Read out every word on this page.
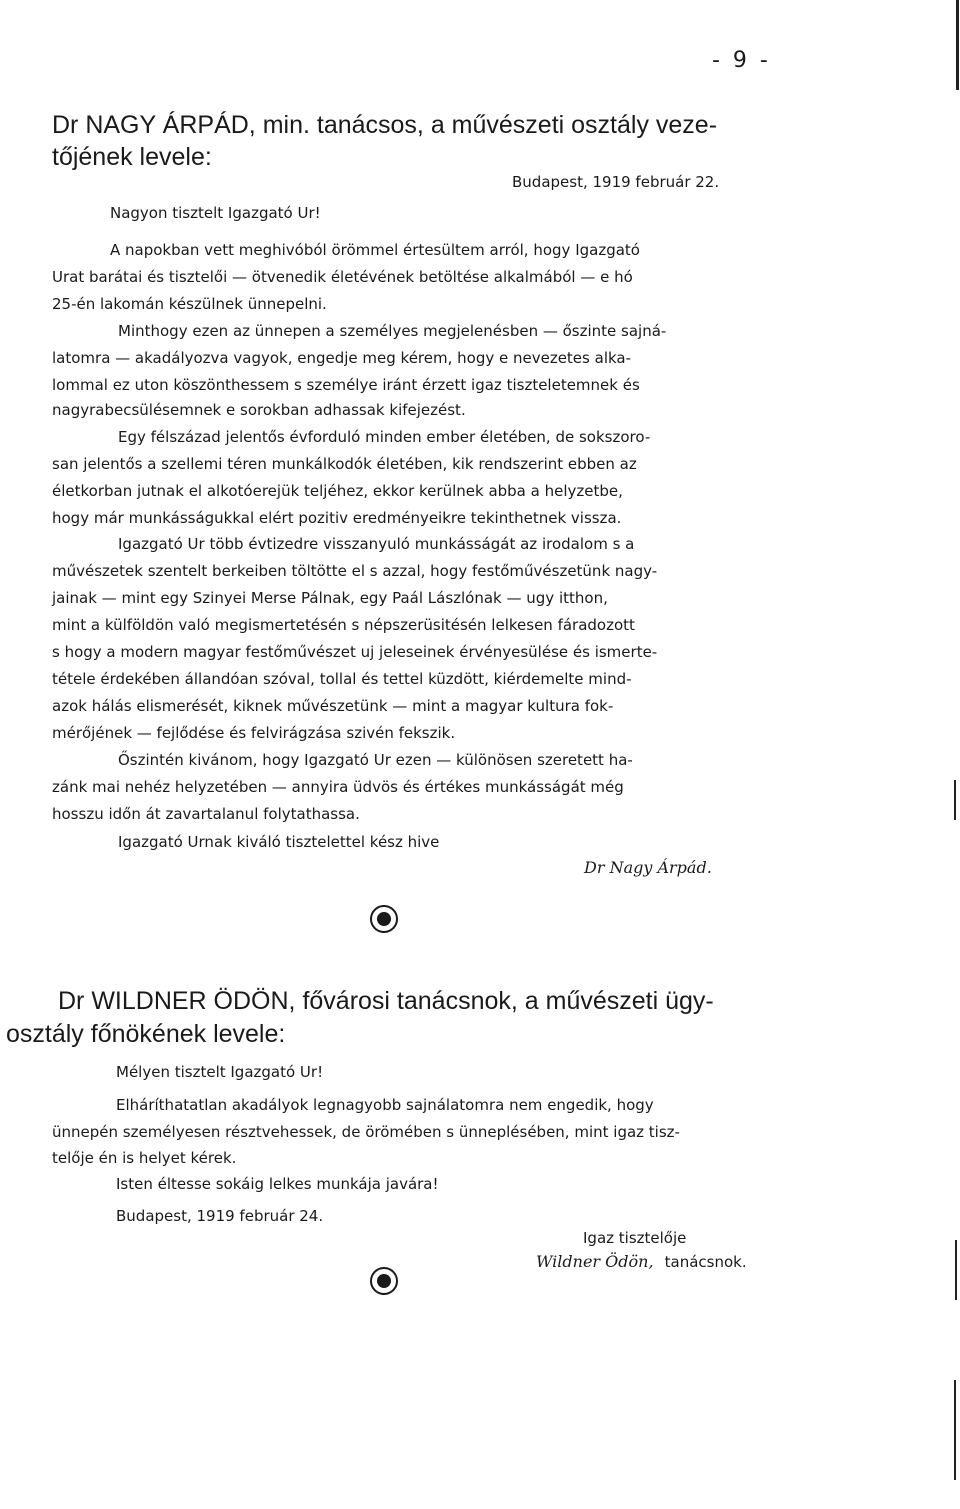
- 9 -
Dr NAGY ÁRPÁD, min. tanácsos, a művészeti osztály veze-
tőjének levele:
Budapest, 1919 február 22.
Nagyon tisztelt Igazgató Ur!
A napokban vett meghivóból örömmel értesültem arról, hogy Igazgató
Urat barátai és tisztelői — ötvenedik életévének betöltése alkalmából — e hó
25-én lakomán készülnek ünnepelni.
Minthogy ezen az ünnepen a személyes megjelenésben — őszinte sajná-
latomra — akadályozva vagyok, engedje meg kérem, hogy e nevezetes alka-
lommal ez uton köszönthessem s személye iránt érzett igaz tiszteletemnek és
nagyrabecsülésemnek e sorokban adhassak kifejezést.
Egy félszázad jelentős évforduló minden ember életében, de sokszoro-
san jelentős a szellemi téren munkálkodók életében, kik rendszerint ebben az
életkorban jutnak el alkotóerejük teljéhez, ekkor kerülnek abba a helyzetbe,
hogy már munkásságukkal elért pozitiv eredményeikre tekinthetnek vissza.
Igazgató Ur több évtizedre visszanyuló munkásságát az irodalom s a
művészetek szentelt berkeiben töltötte el s azzal, hogy festőművészetünk nagy-
jainak — mint egy Szinyei Merse Pálnak, egy Paál Lászlónak — ugy itthon,
mint a külföldön való megismertetésén s népszerüsitésén lelkesen fáradozott
s hogy a modern magyar festőművészet uj jeleseinek érvényesülése és ismerte-
tétele érdekében állandóan szóval, tollal és tettel küzdött, kiérdemelte mind-
azok hálás elismerését, kiknek művészetünk — mint a magyar kultura fok-
mérőjének — fejlődése és felvirágzása szivén fekszik.
Őszintén kivánom, hogy Igazgató Ur ezen — különösen szeretett ha-
zánk mai nehéz helyzetében — annyira üdvös és értékes munkásságát még
hosszu időn át zavartalanul folytathassa.
Igazgató Urnak kiváló tisztelettel kész hive
Dr Nagy Árpád.
Dr WILDNER ÖDÖN, fővárosi tanácsnok, a művészeti ügy-
osztály főnökének levele:
Mélyen tisztelt Igazgató Ur!
Elháríthatatlan akadályok legnagyobb sajnálatomra nem engedik, hogy
ünnepén személyesen résztvehessek, de örömében s ünneplésében, mint igaz tisz-
telője én is helyet kérek.
Isten éltesse sokáig lelkes munkája javára!
Budapest, 1919 február 24.
Igaz tisztelője
Wildner Ödön, tanácsnok.
